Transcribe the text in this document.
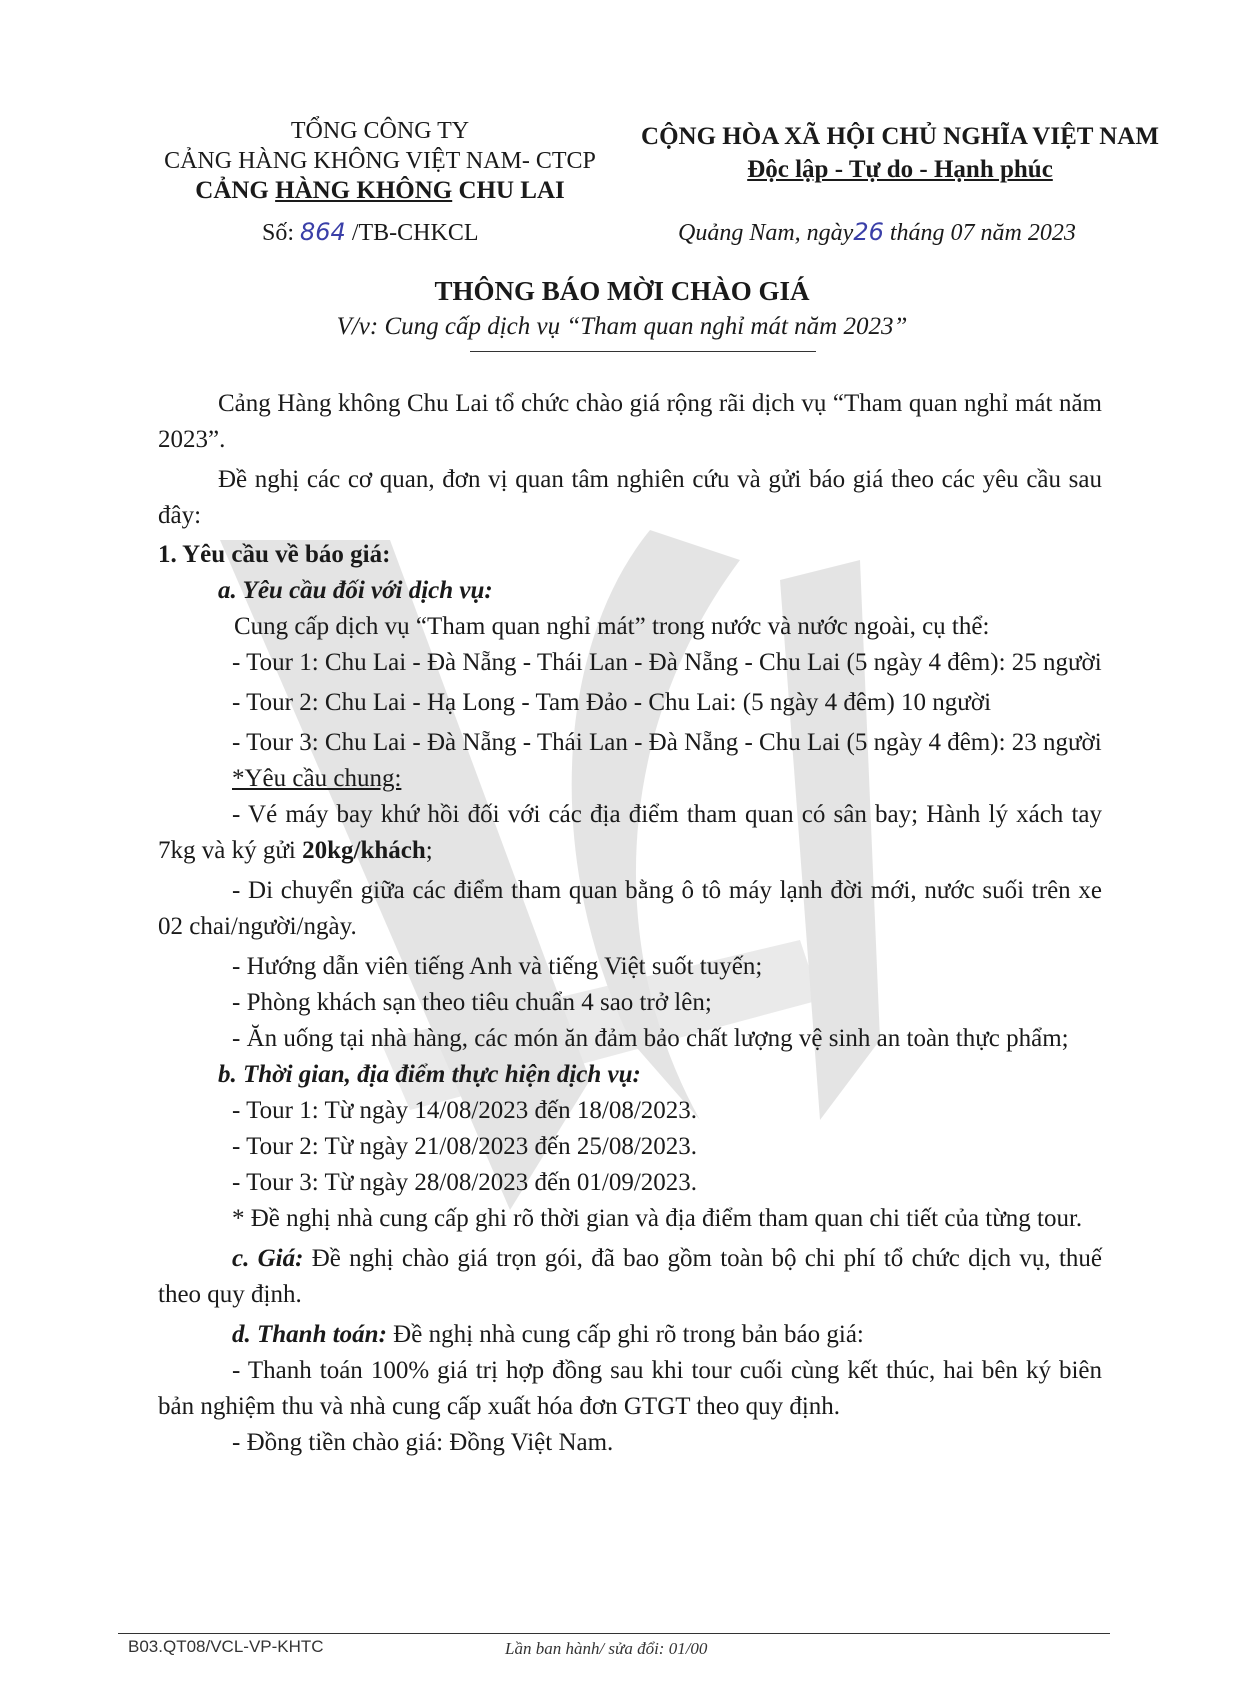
TỔNG CÔNG TY
CẢNG HÀNG KHÔNG VIỆT NAM- CTCP
CẢNG HÀNG KHÔNG CHU LAI
CỘNG HÒA XÃ HỘI CHỦ NGHĨA VIỆT NAM
Độc lập - Tự do - Hạnh phúc
Số: 864 /TB-CHKCL	Quảng Nam, ngày26 tháng 07 năm 2023
THÔNG BÁO MỜI CHÀO GIÁ
V/v: Cung cấp dịch vụ “Tham quan nghỉ mát năm 2023”

Cảng Hàng không Chu Lai tổ chức chào giá rộng rãi dịch vụ “Tham quan nghỉ mát năm 2023”.

Đề nghị các cơ quan, đơn vị quan tâm nghiên cứu và gửi báo giá theo các yêu cầu sau đây:

1. Yêu cầu về báo giá:

a. Yêu cầu đối với dịch vụ:

Cung cấp dịch vụ “Tham quan nghỉ mát” trong nước và nước ngoài, cụ thể:

- Tour 1: Chu Lai - Đà Nẵng - Thái Lan - Đà Nẵng - Chu Lai (5 ngày 4 đêm): 25 người

- Tour 2: Chu Lai - Hạ Long - Tam Đảo - Chu Lai: (5 ngày 4 đêm) 10 người

- Tour 3: Chu Lai - Đà Nẵng - Thái Lan - Đà Nẵng - Chu Lai (5 ngày 4 đêm): 23 người

*Yêu cầu chung:

- Vé máy bay khứ hồi đối với các địa điểm tham quan có sân bay; Hành lý xách tay 7kg và ký gửi 20kg/khách;

- Di chuyển giữa các điểm tham quan bằng ô tô máy lạnh đời mới, nước suối trên xe 02 chai/người/ngày.

- Hướng dẫn viên tiếng Anh và tiếng Việt suốt tuyến;

- Phòng khách sạn theo tiêu chuẩn 4 sao trở lên;

- Ăn uống tại nhà hàng, các món ăn đảm bảo chất lượng vệ sinh an toàn thực phẩm;

b. Thời gian, địa điểm thực hiện dịch vụ:

- Tour 1: Từ ngày 14/08/2023 đến 18/08/2023.

- Tour 2: Từ ngày 21/08/2023 đến 25/08/2023.

- Tour 3: Từ ngày 28/08/2023 đến 01/09/2023.

* Đề nghị nhà cung cấp ghi rõ thời gian và địa điểm tham quan chi tiết của từng tour.

c. Giá: Đề nghị chào giá trọn gói, đã bao gồm toàn bộ chi phí tổ chức dịch vụ, thuế theo quy định.

d. Thanh toán: Đề nghị nhà cung cấp ghi rõ trong bản báo giá:

- Thanh toán 100% giá trị hợp đồng sau khi tour cuối cùng kết thúc, hai bên ký biên bản nghiệm thu và nhà cung cấp xuất hóa đơn GTGT theo quy định.

- Đồng tiền chào giá: Đồng Việt Nam.

B03.QT08/VCL-VP-KHTC	Lần ban hành/ sửa đổi: 01/00
